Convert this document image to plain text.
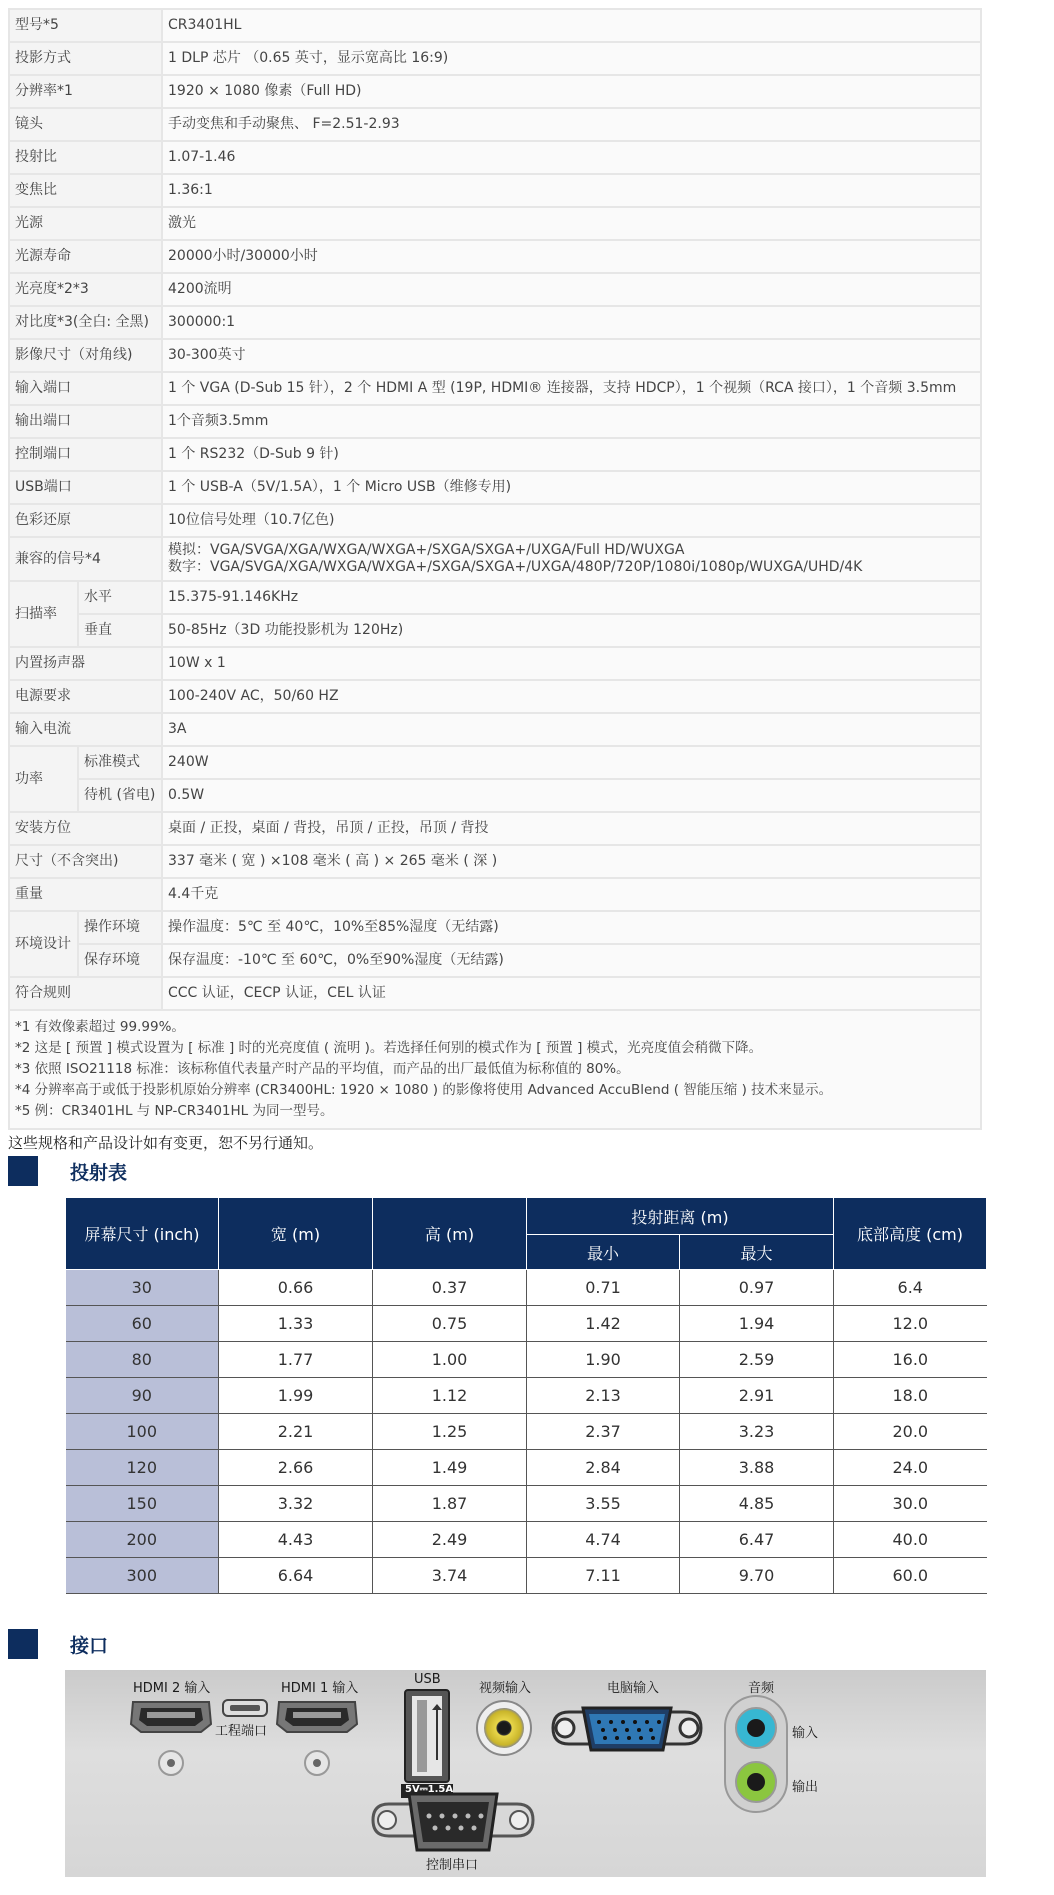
型号*5		CR3401HL
投影方式		1 DLP 芯片 （0.65 英寸，显示宽高比 16:9)
分辨率*1		1920 × 1080 像素（Full HD)
镜头		手动变焦和手动聚焦、 F=2.51-2.93
投射比		1.07-1.46
变焦比		1.36:1
光源		激光
光源寿命		20000小时/30000小时
光亮度*2*3		4200流明
对比度*3(全白: 全黑)		300000:1
影像尺寸（对角线)		30-300英寸
输入端口		1 个 VGA (D-Sub 15 针），2 个 HDMI A 型 (19P, HDMI® 连接器，支持 HDCP），1 个视频（RCA 接口），1 个音频 3.5mm
输出端口		1个音频3.5mm
控制端口		1 个 RS232（D-Sub 9 针)
USB端口		1 个 USB-A（5V/1.5A），1 个 Micro USB（维修专用)
色彩还原		10位信号处理（10.7亿色)
兼容的信号*4		模拟：VGA/SVGA/XGA/WXGA/WXGA+/SXGA/SXGA+/UXGA/Full HD/WUXGA
数字：VGA/SVGA/XGA/WXGA/WXGA+/SXGA/SXGA+/UXGA/480P/720P/1080i/1080p/WUXGA/UHD/4K

扫描率	水平	15.375-91.146KHz
	垂直	50-85Hz（3D 功能投影机为 120Hz)
内置扬声器		10W x 1
电源要求		100-240V AC，50/60 HZ
输入电流		3A
功率	标准模式	240W
	待机 (省电)	0.5W
安装方位		桌面 / 正投，桌面 / 背投，吊顶 / 正投，吊顶 / 背投
尺寸（不含突出)		337 毫米 ( 宽 ) ×108 毫米 ( 高 ) × 265 毫米 ( 深 )
重量		4.4千克
环境设计	操作环境	操作温度：5℃ 至 40℃，10%至85%湿度（无结露)
	保存环境	保存温度：-10℃ 至 60℃，0%至90%湿度（无结露)
符合规则		CCC 认证，CECP 认证，CEL 认证

*1 有效像素超过 99.99%。
*2 这是 [ 预置 ] 模式设置为 [ 标准 ] 时的光亮度值 ( 流明 )。若选择任何别的模式作为 [ 预置 ] 模式，光亮度值会稍微下降。
*3 依照 ISO21118 标准：该标称值代表量产时产品的平均值，而产品的出厂最低值为标称值的 80%。
*4 分辨率高于或低于投影机原始分辨率 (CR3400HL: 1920 × 1080 ) 的影像将使用 Advanced AccuBlend ( 智能压缩 ) 技术来显示。
*5 例：CR3401HL 与 NP-CR3401HL 为同一型号。		
这些规格和产品设计如有变更，恕不另行通知。
投射表
屏幕尺寸 (inch)	宽 (m)	高 (m)	投射距离 (m)		底部高度 (cm)
			最小	最大	
30	0.66	0.37	0.71	0.97	6.4
60	1.33	0.75	1.42	1.94	12.0
80	1.77	1.00	1.90	2.59	16.0
90	1.99	1.12	2.13	2.91	18.0
100	2.21	1.25	2.37	3.23	20.0
120	2.66	1.49	2.84	3.88	24.0
150	3.32	1.87	3.55	4.85	30.0
200	4.43	2.49	4.74	6.47	40.0
300	6.64	3.74	7.11	9.70	60.0
接口
HDMI 2 输入
工程端口
HDMI 1 输入
USB
5V⎓1.5A
视频输入	电脑输入	音频
输入
输出
控制串口
